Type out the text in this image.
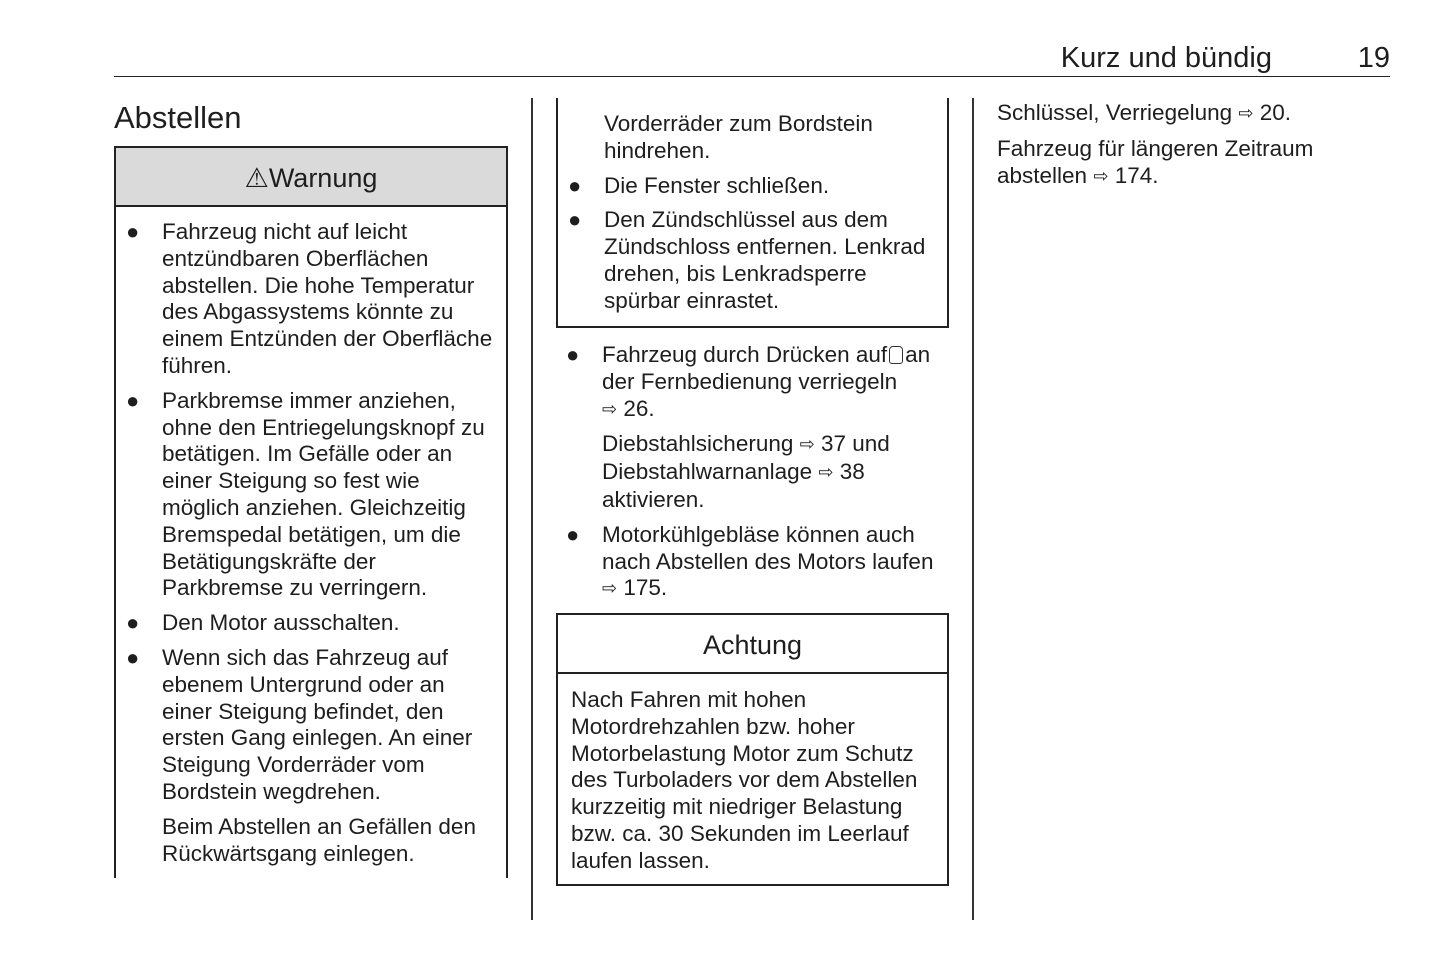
Kurz und bündig	19
Abstellen
⚠Warnung
● Fahrzeug nicht auf leicht entzündbaren Oberflächen abstellen. Die hohe Temperatur des Abgassystems könnte zu einem Entzünden der Oberfläche führen.
● Parkbremse immer anziehen, ohne den Entriegelungsknopf zu betätigen. Im Gefälle oder an einer Steigung so fest wie möglich anziehen. Gleichzeitig Bremspedal betätigen, um die Betätigungskräfte der Parkbremse zu verringern.
● Den Motor ausschalten.
● Wenn sich das Fahrzeug auf ebenem Untergrund oder an einer Steigung befindet, den ersten Gang einlegen. An einer Steigung Vorderräder vom Bordstein wegdrehen.
Beim Abstellen an Gefällen den Rückwärtsgang einlegen.
Vorderräder zum Bordstein hindrehen.
● Die Fenster schließen.
● Den Zündschlüssel aus dem Zündschloss entfernen. Lenkrad drehen, bis Lenkradsperre spürbar einrastet.
● Fahrzeug durch Drücken auf an der Fernbedienung verriegeln
⇨ 26.
Diebstahlsicherung ⇨ 37 und Diebstahlwarnanlage ⇨ 38 aktivieren.
● Motorkühlgebläse können auch nach Abstellen des Motors laufen
⇨ 175.
Achtung
Nach Fahren mit hohen Motordrehzahlen bzw. hoher Motorbelastung Motor zum Schutz des Turboladers vor dem Abstellen kurzzeitig mit niedriger Belastung bzw. ca. 30 Sekunden im Leerlauf laufen lassen.
Schlüssel, Verriegelung ⇨ 20.
Fahrzeug für längeren Zeitraum abstellen ⇨ 174.
